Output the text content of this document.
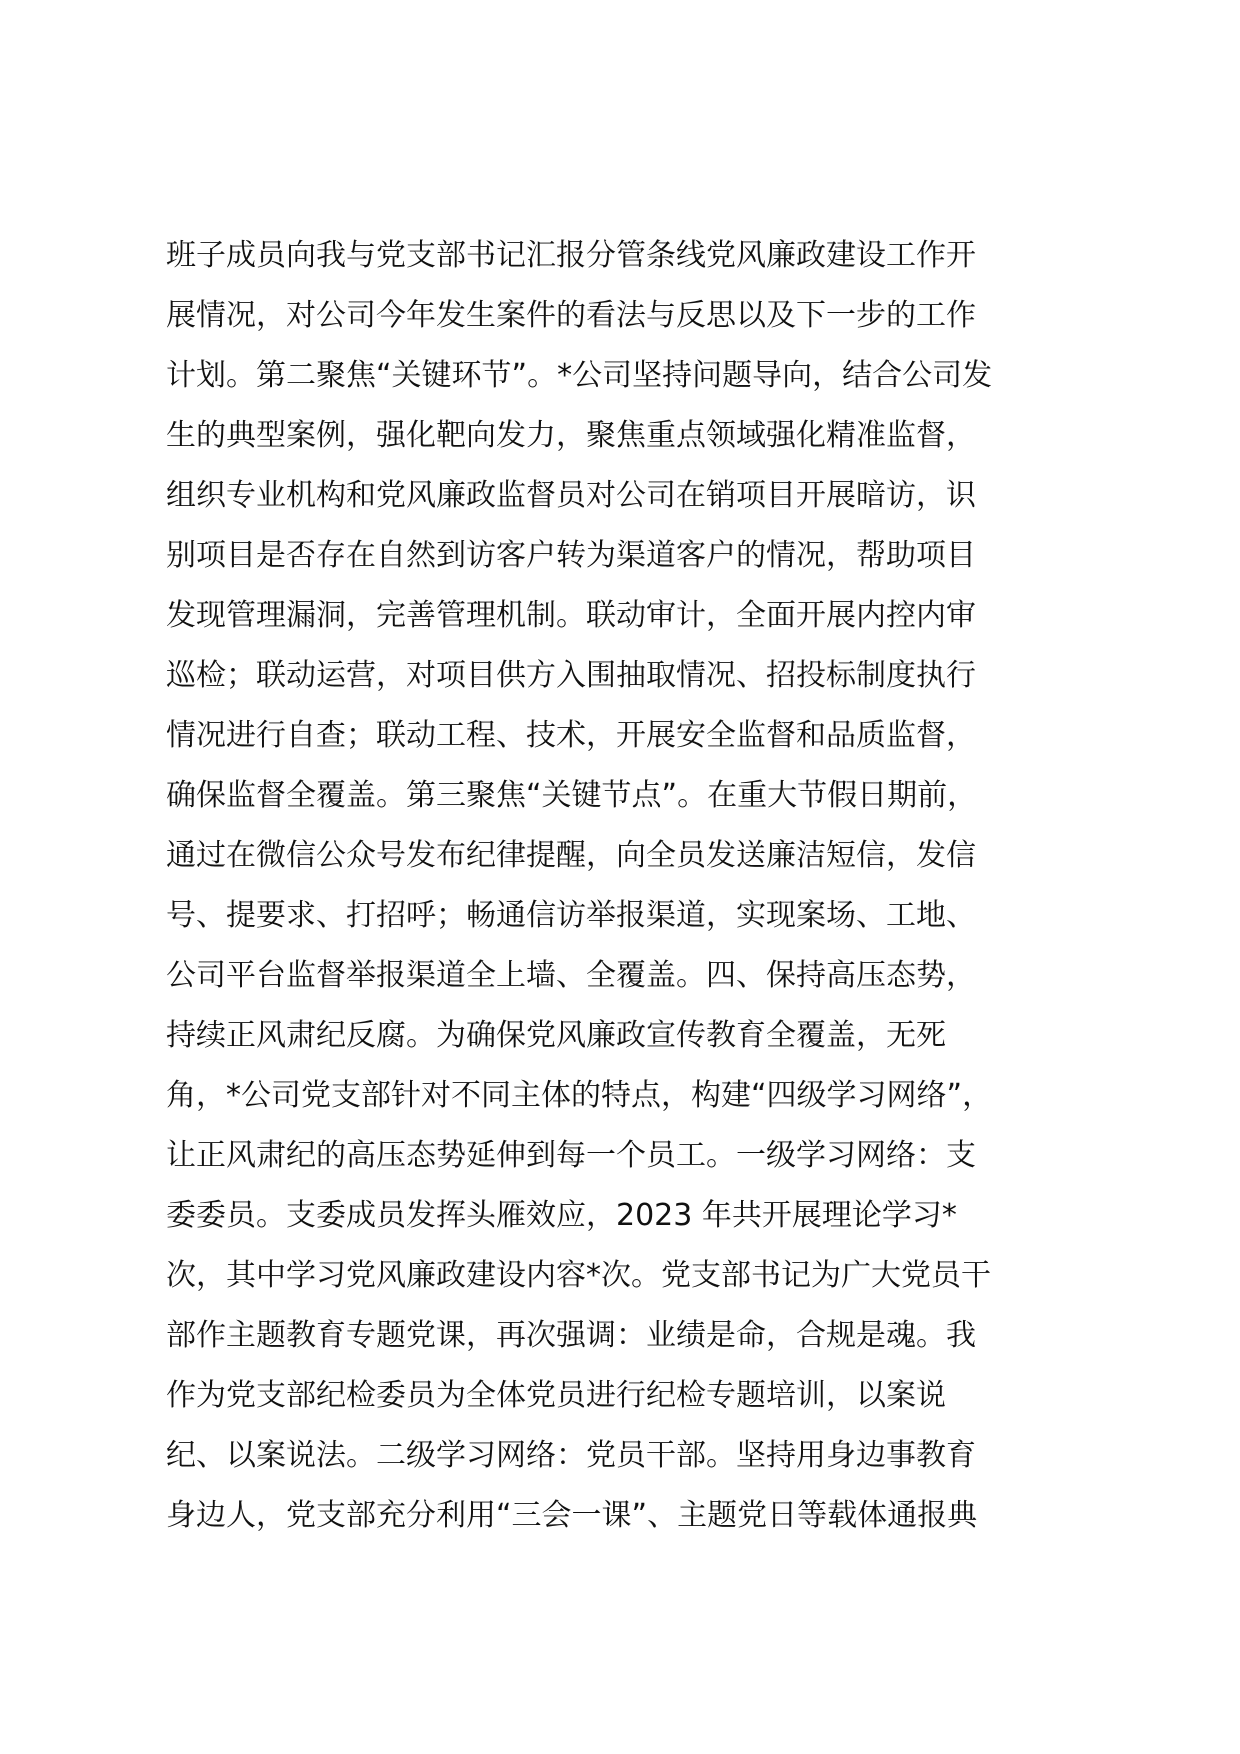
班子成员向我与党支部书记汇报分管条线党风廉政建设工作开
展情况，对公司今年发生案件的看法与反思以及下一步的工作
计划。第二聚焦“关键环节”。*公司坚持问题导向，结合公司发
生的典型案例，强化靶向发力，聚焦重点领域强化精准监督，
组织专业机构和党风廉政监督员对公司在销项目开展暗访，识
别项目是否存在自然到访客户转为渠道客户的情况，帮助项目
发现管理漏洞，完善管理机制。联动审计，全面开展内控内审
巡检；联动运营，对项目供方入围抽取情况、招投标制度执行
情况进行自查；联动工程、技术，开展安全监督和品质监督，
确保监督全覆盖。第三聚焦“关键节点”。在重大节假日期前，
通过在微信公众号发布纪律提醒，向全员发送廉洁短信，发信
号、提要求、打招呼；畅通信访举报渠道，实现案场、工地、
公司平台监督举报渠道全上墙、全覆盖。四、保持高压态势，
持续正风肃纪反腐。为确保党风廉政宣传教育全覆盖，无死
角，*公司党支部针对不同主体的特点，构建“四级学习网络”，
让正风肃纪的高压态势延伸到每一个员工。一级学习网络：支
委委员。支委成员发挥头雁效应，2023 年共开展理论学习*
次，其中学习党风廉政建设内容*次。党支部书记为广大党员干
部作主题教育专题党课，再次强调：业绩是命，合规是魂。我
作为党支部纪检委员为全体党员进行纪检专题培训，以案说
纪、以案说法。二级学习网络：党员干部。坚持用身边事教育
身边人，党支部充分利用“三会一课”、主题党日等载体通报典
